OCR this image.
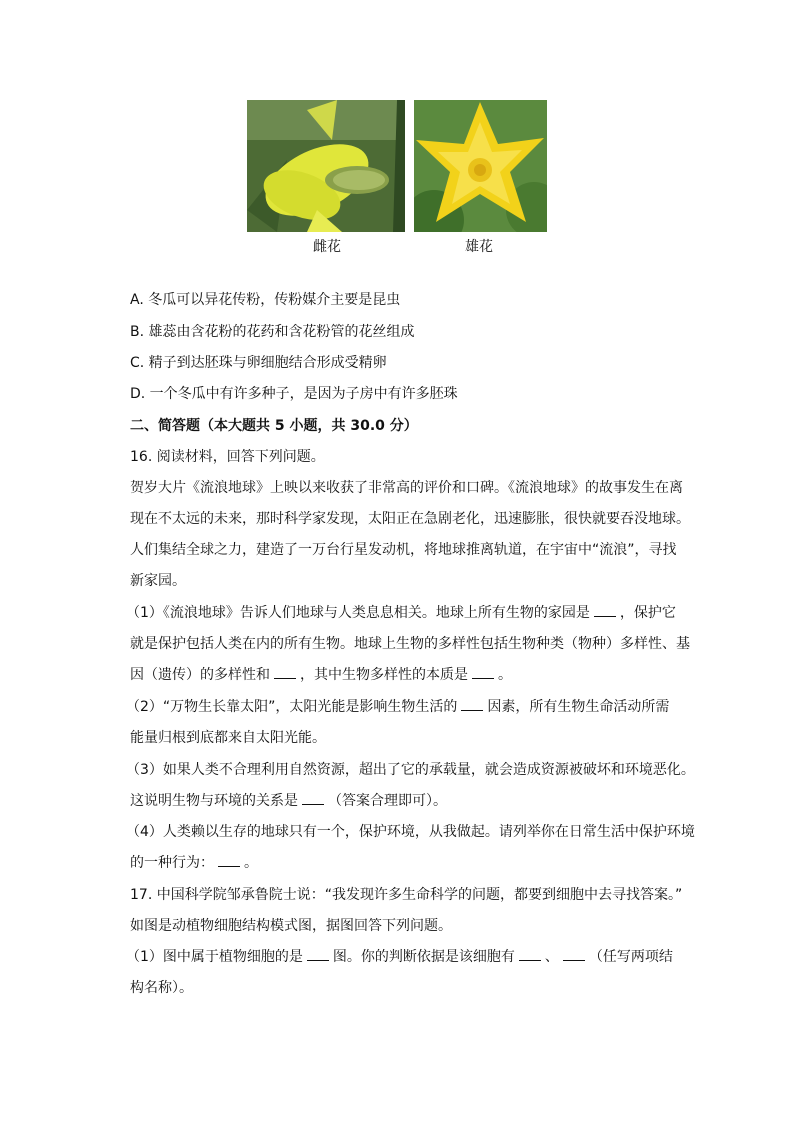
雌花	雄花
A. 冬瓜可以异花传粉，传粉媒介主要是昆虫
B. 雄蕊由含花粉的花药和含花粉管的花丝组成
C. 精子到达胚珠与卵细胞结合形成受精卵
D. 一个冬瓜中有许多种子，是因为子房中有许多胚珠
二、简答题（本大题共 5 小题，共 30.0 分）
16. 阅读材料，回答下列问题。
贺岁大片《流浪地球》上映以来收获了非常高的评价和口碑。《流浪地球》的故事发生在离
现在不太远的未来，那时科学家发现，太阳正在急剧老化，迅速膨胀，很快就要吞没地球。
人们集结全球之力，建造了一万台行星发动机，将地球推离轨道，在宇宙中“流浪”，寻找
新家园。
（1）《流浪地球》告诉人们地球与人类息息相关。地球上所有生物的家园是 ，保护它
就是保护包括人类在内的所有生物。地球上生物的多样性包括生物种类（物种）多样性、基
因（遗传）的多样性和 ，其中生物多样性的本质是 。
（2）“万物生长靠太阳”，太阳光能是影响生物生活的 因素，所有生物生命活动所需
能量归根到底都来自太阳光能。
（3）如果人类不合理利用自然资源，超出了它的承载量，就会造成资源被破坏和环境恶化。
这说明生物与环境的关系是 （答案合理即可）。
（4）人类赖以生存的地球只有一个，保护环境，从我做起。请列举你在日常生活中保护环境
的一种行为： 。
17. 中国科学院邹承鲁院士说：“我发现许多生命科学的问题，都要到细胞中去寻找答案。”
如图是动植物细胞结构模式图，据图回答下列问题。
（1）图中属于植物细胞的是 图。你的判断依据是该细胞有 、 （任写两项结
构名称）。
